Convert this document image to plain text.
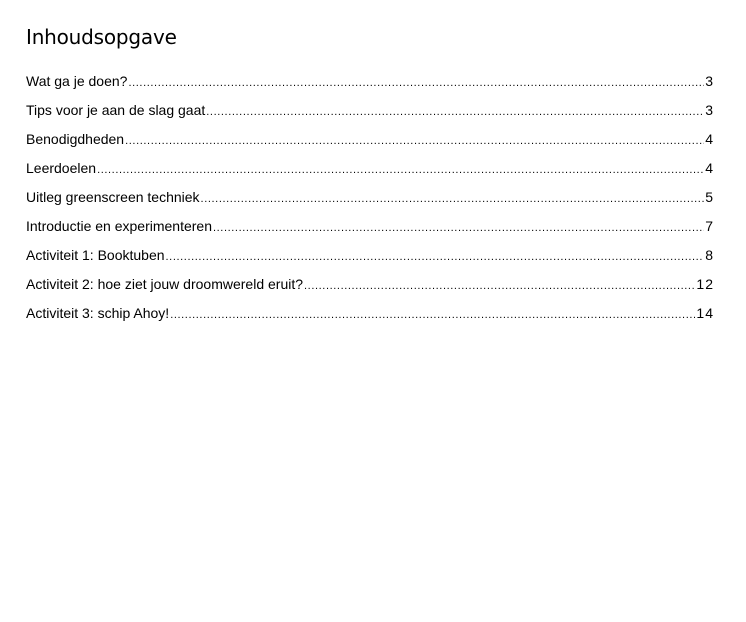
Inhoudsopgave
Wat ga je doen? .....	3
Tips voor je aan de slag gaat .....	3
Benodigdheden .....	4
Leerdoelen .....	4
Uitleg greenscreen techniek .....	5
Introductie en experimenteren .....	7
Activiteit 1: Booktuben .....	8
Activiteit 2: hoe ziet jouw droomwereld eruit? .....	12
Activiteit 3: schip Ahoy! .....	14
